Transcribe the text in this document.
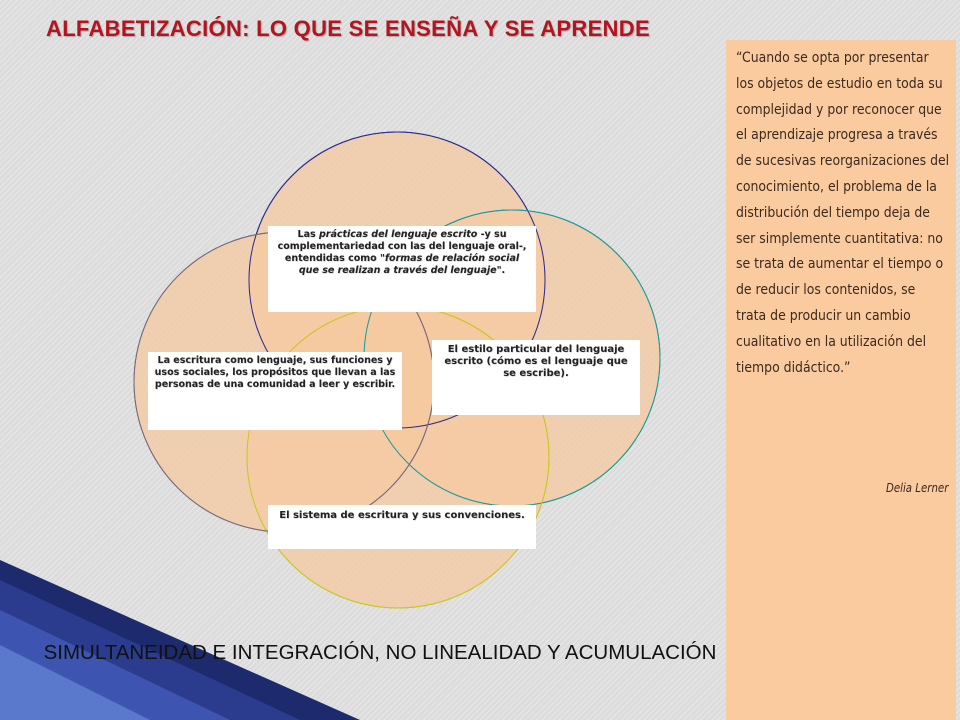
ALFABETIZACIÓN: LO QUE SE ENSEÑA Y SE APRENDE
Las prácticas del lenguaje escrito -y su complementariedad con las del lenguaje oral-, entendidas como "formas de relación social que se realizan a través del lenguaje".
El estilo particular del lenguaje escrito (cómo es el lenguaje que se escribe).
La escritura como lenguaje, sus funciones y usos sociales, los propósitos que llevan a las personas de una comunidad a leer y escribir.
El sistema de escritura y sus convenciones.

“Cuando se opta por presentar los objetos de estudio en toda su complejidad y por reconocer que el aprendizaje progresa a través de sucesivas reorganizaciones del conocimiento, el problema de la distribución del tiempo deja de ser simplemente cuantitativa: no se trata de aumentar el tiempo o de reducir los contenidos, se trata de producir un cambio cualitativo en la utilización del tiempo didáctico.”

Delia Lerner

SIMULTANEIDAD E INTEGRACIÓN, NO LINEALIDAD Y ACUMULACIÓN
